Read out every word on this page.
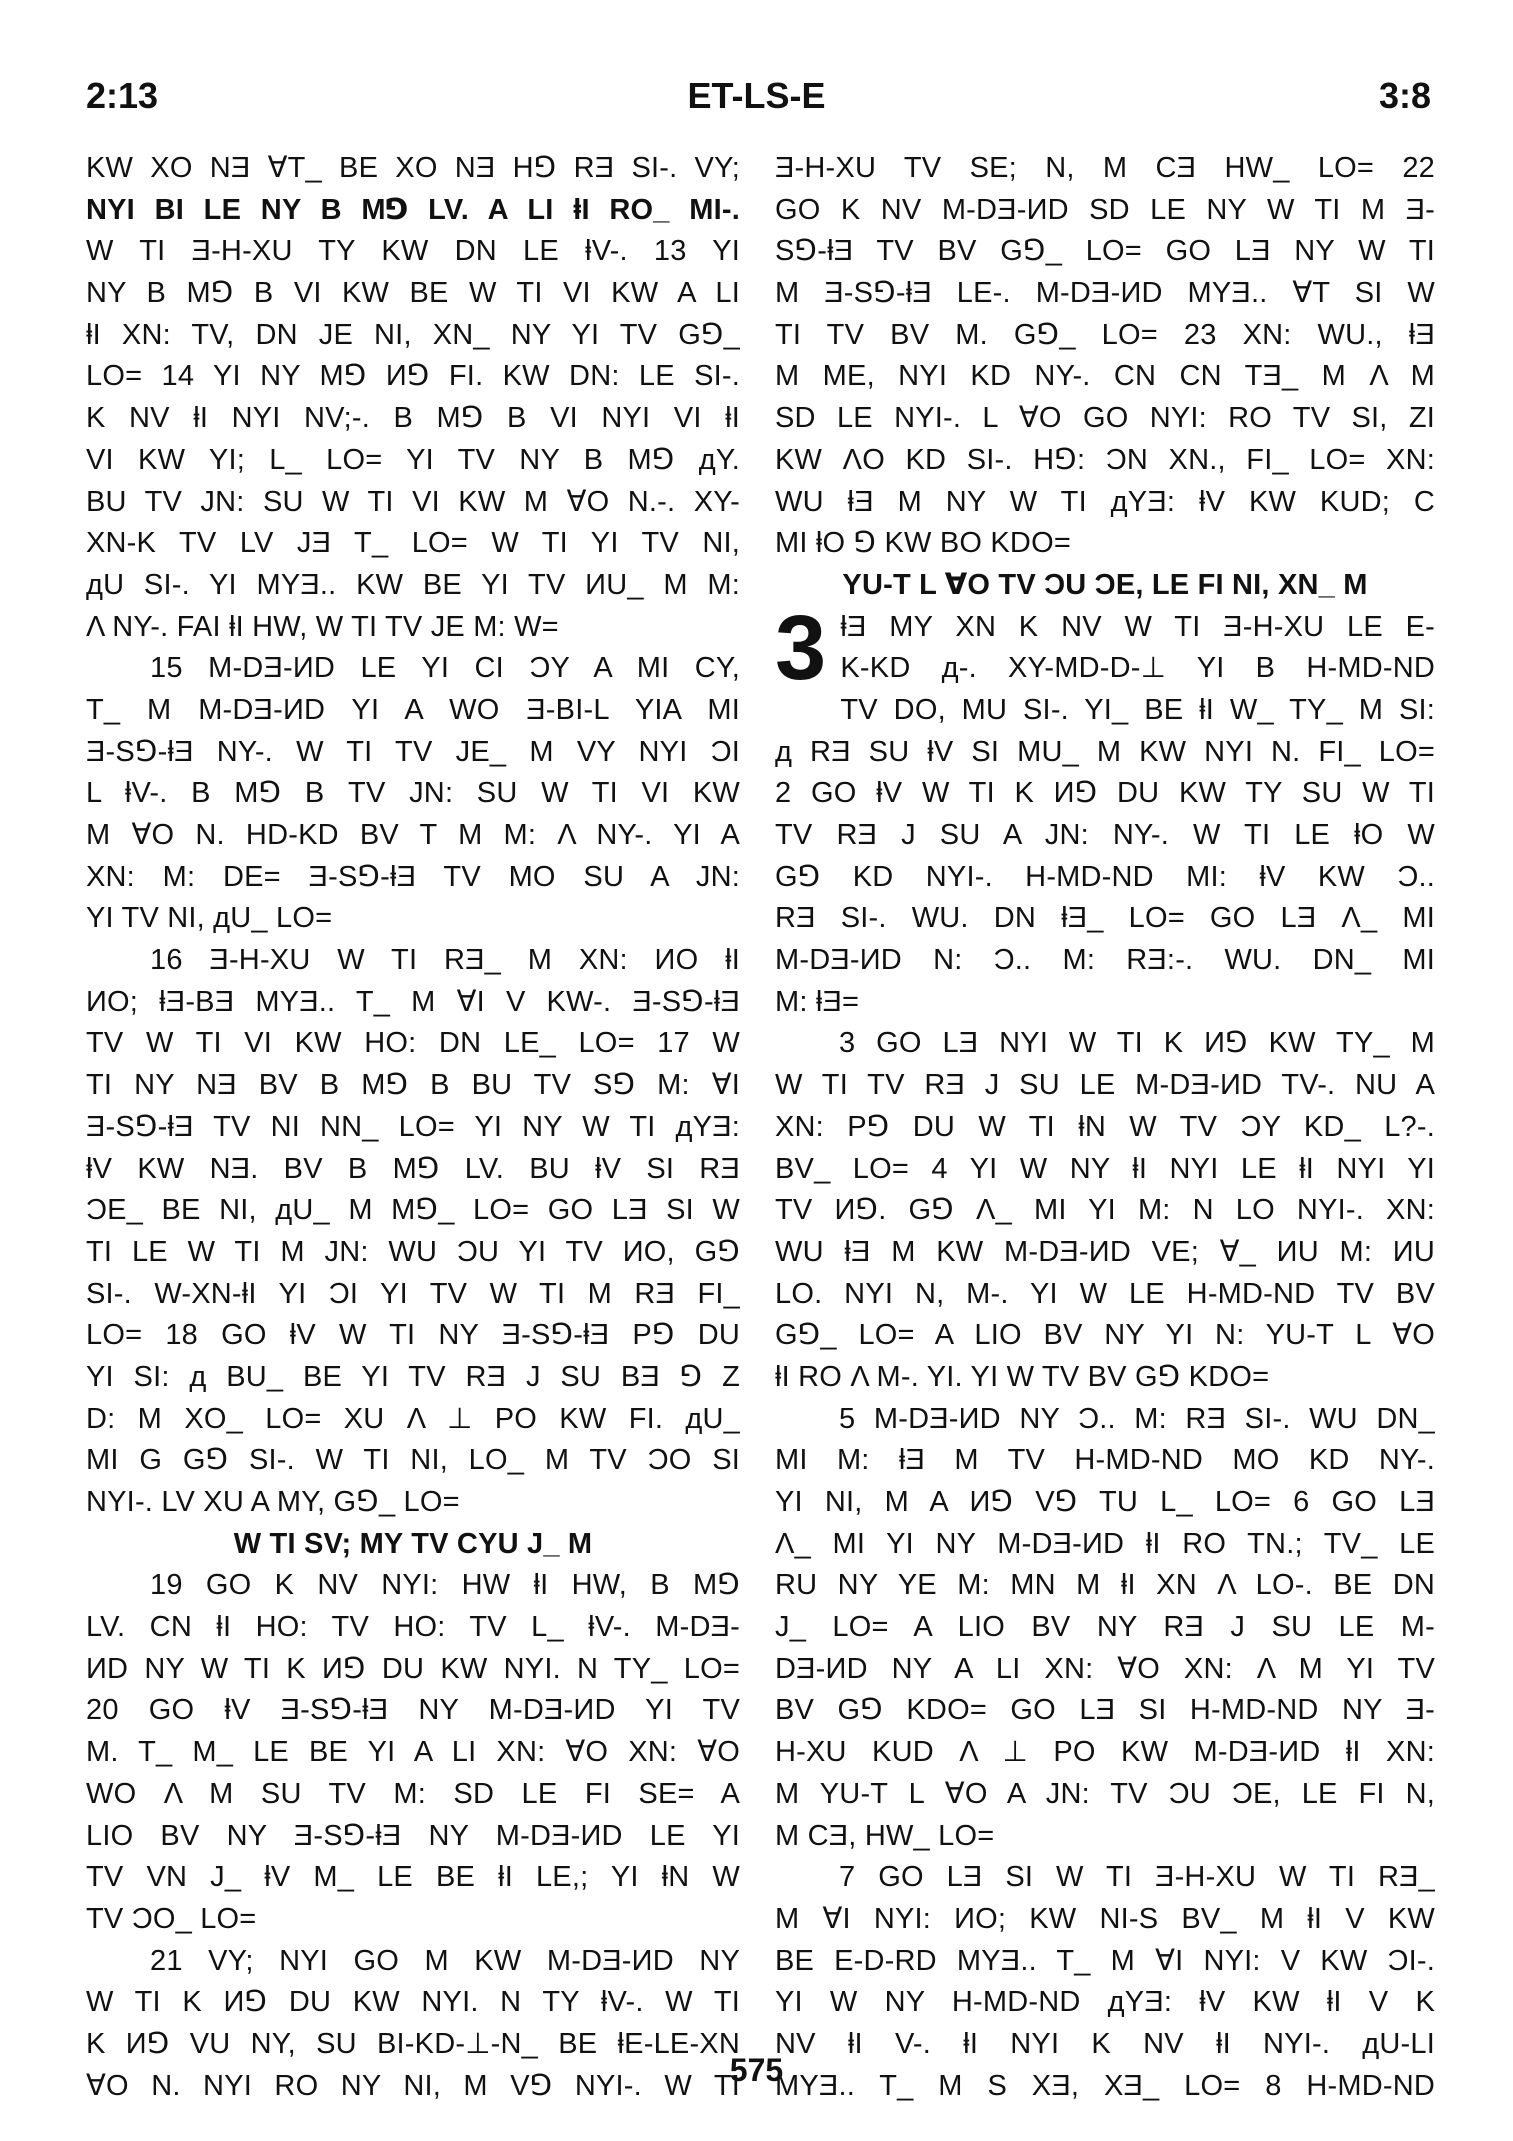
2:13	ET-LS-E	3:8
KW XO NƎ ⱯT_ BE XO NƎ H⅁ RƎ SI-. VY;
NYI BI LE NY В M⅁ LV. A LI ⱡI RO_ MI-.
W TI Ǝ-H-XU TY KW DN LE ⱡV-. 13 YI
NY В M⅁ В VI KW BE W TI VI KW A LI
ⱡI XN: TV, DN JE NI, XN_ NY YI TV G⅁_
LO= 14 YI NY M⅁ И⅁ FI. KW DN: LE SI-.
K NV ⱡI NYI NV;-. В M⅁ В VI NYI VI ⱡI
VI KW YI; L_ LO= YI TV NY В M⅁ дY.
BU TV JN: SU W TI VI KW M ⱯO N.-. XY-
XN-K TV LV JƎ T_ LO= W TI YI TV NI,
дU SI-. YI MYƎ.. KW BE YI TV ИU_ M M:
Λ NY-. FAI ⱡI HW, W TI TV JE M: W=
15 M-DƎ-ИD LE YI CI ƆY A MI CY,
T_ M M-DƎ-ИD YI A WO Ǝ-BI-L YIA MI
Ǝ-S⅁-ⱡƎ NY-. W TI TV JE_ M VY NYI ƆI
L ⱡV-. В M⅁ В TV JN: SU W TI VI KW
M ⱯO N. HD-KD BV T M M: Λ NY-. YI A
XN: M: DE= Ǝ-S⅁-ⱡƎ TV MO SU A JN:
YI TV NI, дU_ LO=
16 Ǝ-H-XU W TI RƎ_ M XN: ИO ⱡI
ИO; ⱡƎ-BƎ MYƎ.. T_ M ⱯI V KW-. Ǝ-S⅁-ⱡƎ
TV W TI VI KW HO: DN LE_ LO= 17 W
TI NY NƎ BV В M⅁ В BU TV S⅁ M: ⱯI
Ǝ-S⅁-ⱡƎ TV NI NN_ LO= YI NY W TI дYƎ:
ⱡV KW NƎ. BV В M⅁ LV. BU ⱡV SI RƎ
ƆE_ BE NI, дU_ M M⅁_ LO= GO LƎ SI W
TI LE W TI M JN: WU ƆU YI TV ИO, G⅁
SI-. W-XN-ⱡI YI ƆI YI TV W TI M RƎ FI_
LO= 18 GO ⱡV W TI NY Ǝ-S⅁-ⱡƎ P⅁ DU
YI SI: д BU_ BE YI TV RƎ J SU BƎ ⅁ Z
D: M XO_ LO= XU Λ ⊥ PO KW FI. дU_
MI G G⅁ SI-. W TI NI, LO_ M TV ƆO SI
NYI-. LV XU A MY, G⅁_ LO=
W TI SV; MY TV CYU J_ M
19 GO K NV NYI: HW ⱡI HW, В M⅁
LV. CN ⱡI HO: TV HO: TV L_ ⱡV-. M-DƎ-
ИD NY W TI K И⅁ DU KW NYI. N TY_ LO=
20 GO ⱡV Ǝ-S⅁-ⱡƎ NY M-DƎ-ИD YI TV
M. T_ M_ LE BE YI A LI XN: ⱯO XN: ⱯO
WO Λ M SU TV M: SD LE FI SE= A
LIO BV NY Ǝ-S⅁-ⱡƎ NY M-DƎ-ИD LE YI
TV VN J_ ⱡV M_ LE BE ⱡI LE,; YI ⱡN W
TV ƆO_ LO=
21 VY; NYI GO M KW M-DƎ-ИD NY
W TI K И⅁ DU KW NYI. N TY ⱡV-. W TI
K И⅁ VU NY, SU BI-KD-⊥-N_ BE ⱡE-LE-XN
ⱯO N. NYI RO NY NI, M V⅁ NYI-. W TI
Ǝ-H-XU TV SE; N, M CƎ HW_ LO= 22
GO K NV M-DƎ-ИD SD LE NY W TI M Ǝ-
S⅁-ⱡƎ TV BV G⅁_ LO= GO LƎ NY W TI
M Ǝ-S⅁-ⱡƎ LE-. M-DƎ-ИD MYƎ.. ⱯT SI W
TI TV BV M. G⅁_ LO= 23 XN: WU., ⱡƎ
M ME, NYI KD NY-. CN CN TƎ_ M Λ M
SD LE NYI-. L ⱯO GO NYI: RO TV SI, ZI
KW ΛO KD SI-. H⅁: ƆN XN., FI_ LO= XN:
WU ⱡƎ M NY W TI дYƎ: ⱡV KW KUD; C
MI ⱡO ⅁ KW BO KDO=
YU-T L ⱯO TV ƆU ƆE, LE FI NI, XN_ M
3 ⱡƎ MY XN K NV W TI Ǝ-H-XU LE E-
K-KD д-. XY-MD-D-⊥ YI В H-MD-ND
TV DO, MU SI-. YI_ BE ⱡI W_ TY_ M SI:
д RƎ SU ⱡV SI MU_ M KW NYI N. FI_ LO=
2 GO ⱡV W TI K И⅁ DU KW TY SU W TI
TV RƎ J SU A JN: NY-. W TI LE ⱡO W
G⅁ KD NYI-. H-MD-ND MI: ⱡV KW Ɔ..
RƎ SI-. WU. DN ⱡƎ_ LO= GO LƎ Λ_ MI
M-DƎ-ИD N: Ɔ.. M: RƎ:-. WU. DN_ MI
M: ⱡƎ=
3 GO LƎ NYI W TI K И⅁ KW TY_ M
W TI TV RƎ J SU LE M-DƎ-ИD TV-. NU A
XN: P⅁ DU W TI ⱡN W TV ƆY KD_ L?-.
BV_ LO= 4 YI W NY ⱡI NYI LE ⱡI NYI YI
TV И⅁. G⅁ Λ_ MI YI M: N LO NYI-. XN:
WU ⱡƎ M KW M-DƎ-ИD VE; Ɐ_ ИU M: ИU
LO. NYI N, M-. YI W LE H-MD-ND TV BV
G⅁_ LO= A LIO BV NY YI N: YU-T L ⱯO
ⱡI RO Λ M-. YI. YI W TV BV G⅁ KDO=
5 M-DƎ-ИD NY Ɔ.. M: RƎ SI-. WU DN_
MI M: ⱡƎ M TV H-MD-ND MO KD NY-.
YI NI, M A И⅁ V⅁ TU L_ LO= 6 GO LƎ
Λ_ MI YI NY M-DƎ-ИD ⱡI RO TN.; TV_ LE
RU NY YE M: MN M ⱡI XN Λ LO-. BE DN
J_ LO= A LIO BV NY RƎ J SU LE M-
DƎ-ИD NY A LI XN: ⱯO XN: Λ M YI TV
BV G⅁ KDO= GO LƎ SI H-MD-ND NY Ǝ-
H-XU KUD Λ ⊥ PO KW M-DƎ-ИD ⱡI XN:
M YU-T L ⱯO A JN: TV ƆU ƆE, LE FI N,
M CƎ, HW_ LO=
7 GO LƎ SI W TI Ǝ-H-XU W TI RƎ_
M ⱯI NYI: ИO; KW NI-S BV_ M ⱡI V KW
BE E-D-RD MYƎ.. T_ M ⱯI NYI: V KW ƆI-.
YI W NY H-MD-ND дYƎ: ⱡV KW ⱡI V K
NV ⱡI V-. ⱡI NYI K NV ⱡI NYI-. дU-LI
MYƎ.. T_ M S XƎ, XƎ_ LO= 8 H-MD-ND
575
